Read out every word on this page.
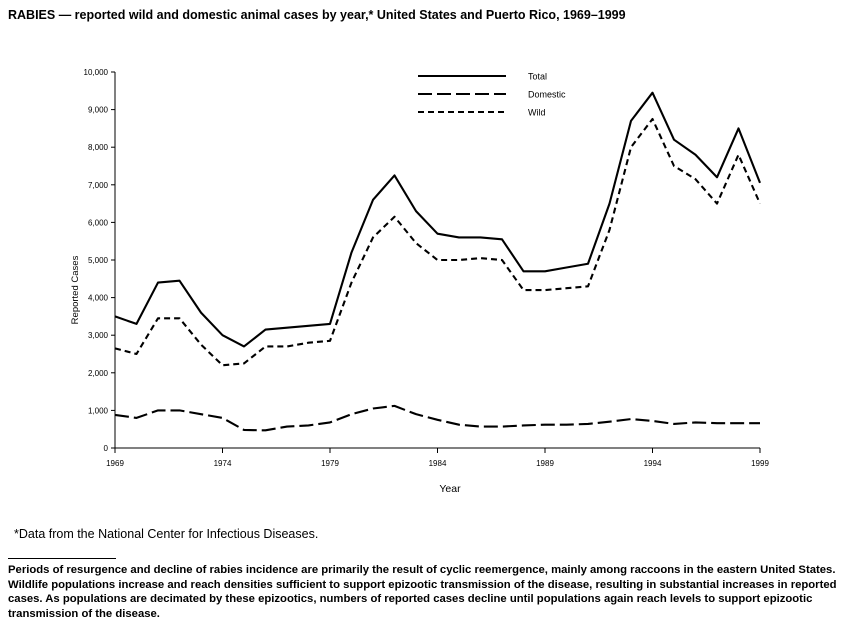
RABIES — reported wild and domestic animal cases by year,* United States and Puerto Rico, 1969–1999
0
1,000
2,000
3,000
4,000
5,000
6,000
7,000
8,000
9,000
10,000
1969	1974	1979	1984	1989	1994	1999
Total
Domestic
Wild
Reported Cases
Year
*Data from the National Center for Infectious Diseases.
Periods of resurgence and decline of rabies incidence are primarily the result of cyclic reemergence, mainly among raccoons in the eastern United States. Wildlife populations increase and reach densities sufficient to support epizootic transmission of the disease, resulting in substantial increases in reported cases. As populations are decimated by these epizootics, numbers of reported cases decline until populations again reach levels to support epizootic transmission of the disease.
